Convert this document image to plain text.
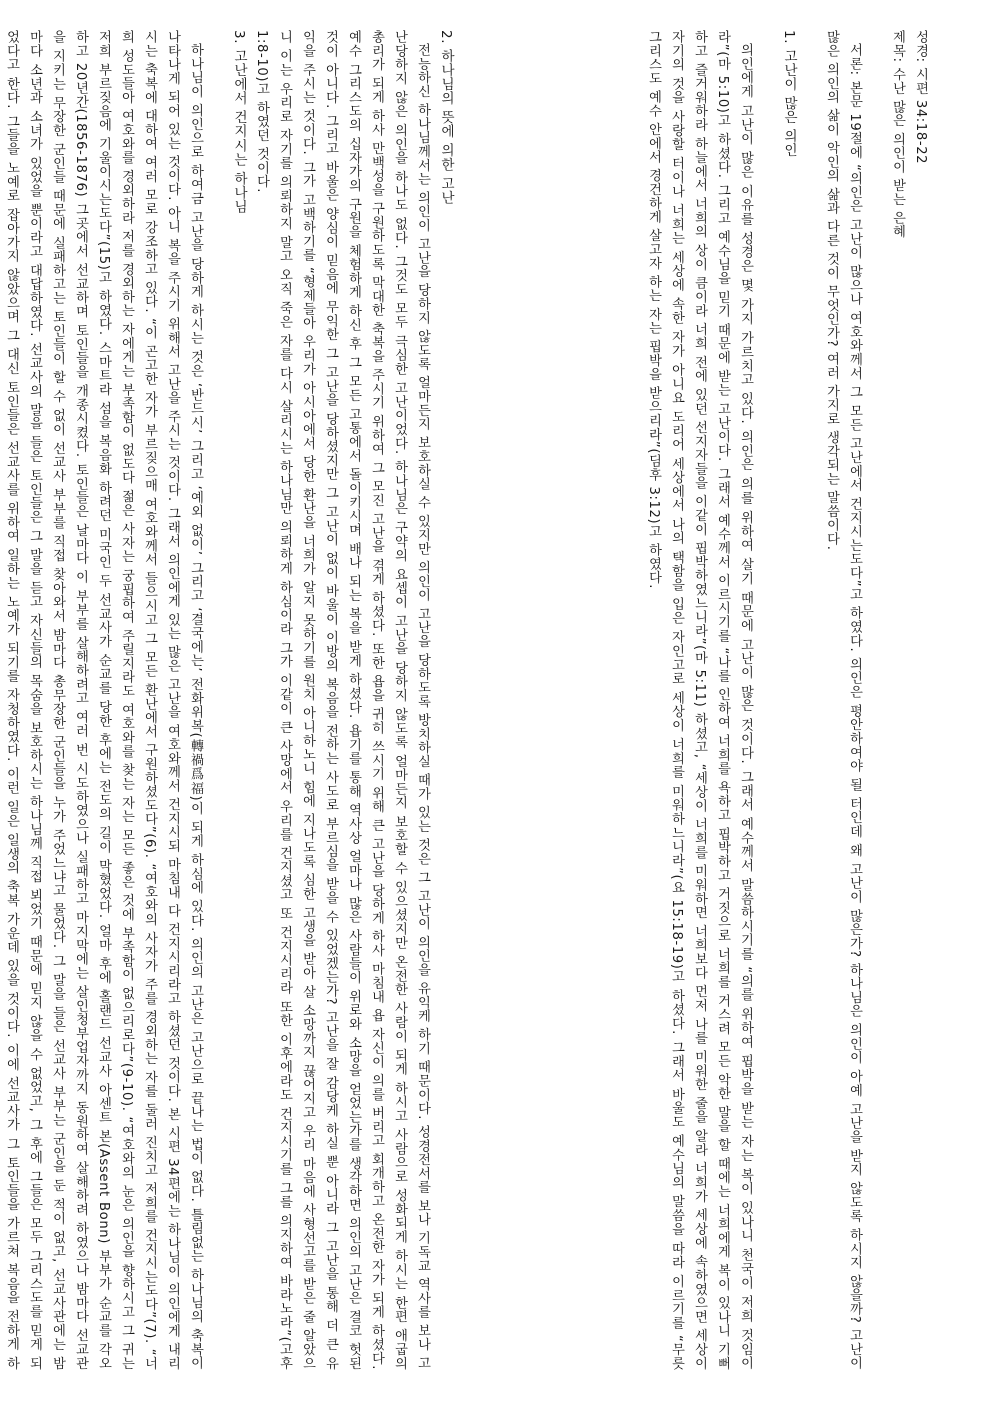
성경: 시편 34:18-22

제목: 수난 많은 의인이 받는 은혜

서론: 본문 19절에 “의인은 고난이 많으나 여호와께서 그 모든 고난에서 건지시는도다”고 하였다. 의인은 평안하여야 될 터인데 왜 고난이 많은가? 하나님은 의인이 아예 고난을 받지 않도록 하시지 않을까? 고난이 많은 의인의 삶이 악인의 삶과 다른 것이 무엇인가? 여러 가지로 생각되는 말씀이다.

1. 고난이 많은 의인

의인에게 고난이 많은 이유를 성경은 몇 가지 가르치고 있다. 의인은 의를 위하여 살기 때문에 고난이 많은 것이다. 그래서 예수께서 말씀하시기를 “의를 위하여 핍박을 받는 자는 복이 있나니 천국이 저희 것임이라”(마 5:10)고 하셨다. 그리고 예수님을 믿기 때문에 받는 고난이다. 그래서 예수께서 이르시기를 “나를 인하여 너희를 욕하고 핍박하고 거짓으로 너희를 거스려 모든 악한 말을 할 때에는 너희에게 복이 있나니 기뻐하고 즐거워하라 하늘에서 너희의 상이 큼이라 너희 전에 있던 선지자들을 이같이 핍박하였느니라”(마 5:11) 하셨고, “세상이 너희를 미워하면 너희보다 먼저 나를 미워한 줄을 알라 너희가 세상에 속하였으면 세상이 자기의 것을 사랑할 터이나 너희는 세상에 속한 자가 아니요 도리어 세상에서 나의 택함을 입은 자인고로 세상이 너희를 미워하느니라”(요 15:18-19)고 하셨다. 그래서 바울도 예수님의 말씀을 따라 이르기를 “무릇 그리스도 예수 안에서 경건하게 살고자 하는 자는 핍박을 받으리라”(딤후 3:12)고 하였다.

2. 하나님의 뜻에 의한 고난

전능하신 하나님께서는 의인이 고난을 당하지 않도록 얼마든지 보호하실 수 있지만 의인이 고난을 당하도록 방치하실 때가 있는 것은 그 고난이 의인을 유익케 하기 때문이다. 성경전서를 보나 기독교 역사를 보나 고난당하지 않은 의인을 하나도 없다. 그것도 모두 극심한 고난이었다. 하나님은 구약의 요셉이 고난을 당하지 않도록 얼마든지 보호할 수 있으셨지만 온전한 사람이 되게 하시고 사람으로 성화되게 하시는 한편 애굽의 총리가 되게 하사 만백성을 구원하도록 막대한 축복을 주시기 위하여 그 모진 고난을 겪게 하셨다. 또한 욥을 귀히 쓰시기 위해 큰 고난을 당하게 하사 마침내 욥 자신이 의를 버리고 회개하고 온전한 자가 되게 하셨다. 예수 그리스도의 십자가의 구원을 체험하게 하신 후 그 모든 고통에서 돌이키시며 배나 되는 복을 받게 하셨다. 욥기를 통해 역사상 얼마나 많은 사람들이 위로와 소망을 얻었는가를 생각하면 의인의 고난은 결코 헛된 것이 아니다. 그리고 바울은 양심이 믿음에 무익한 그 고난을 당하셨지만 그 고난이 없이 바울이 이방의 복음을 전하는 사도로 부르심을 받을 수 있었겠는가? 고난을 잘 감당케 하실 뿐 아니라 그 고난을 통해 더 큰 유익을 주시는 것이다. 그가 고백하기를 “형제들아 우리가 아시아에서 당한 환난을 너희가 알지 못하기를 원치 아니하노니 힘에 지나도록 심한 고생을 받아 살 소망까지 끊어지고 우리 마음에 사형선고를 받은 줄 알았으니 이는 우리로 자기를 의뢰하지 말고 오직 죽은 자를 다시 살리시는 하나님만 의뢰하게 하심이라 그가 이같이 큰 사망에서 우리를 건지셨고 또 건지시리라 또한 이후에라도 건지시기를 그를 의지하여 바라노라”(고후 1:8-10)고 하였던 것이다.

3. 고난에서 건지시는 하나님

하나님이 의인으로 하여금 고난을 당하게 하시는 것은 ‘반드시’ 그리고 ‘예외 없이’ 그리고 ‘결국에는’ 전화위복(轉禍爲福)이 되게 하심에 있다. 의인의 고난은 고난으로 끝나는 법이 없다. 틀림없는 하나님의 축복이 나타나게 되어 있는 것이다. 아니 복을 주시기 위해서 고난을 주시는 것이다. 그래서 의인에게 있는 많은 고난을 여호와께서 건지시되 마침내 다 건지시리라고 하셨던 것이다. 본 시편 34편에는 하나님이 의인에게 내리시는 축복에 대하여 여러 모로 강조하고 있다. “이 곤고한 자가 부르짖으매 여호와께서 들으시고 그 모든 환난에서 구원하셨도다”(6). “여호와의 사자가 주를 경외하는 자를 둘러 진치고 저희를 건지시는도다”(7). “너희 성도들아 여호와를 경외하라 저를 경외하는 자에게는 부족함이 없도다 젊은 사자는 궁핍하여 주릴지라도 여호와를 찾는 자는 모든 좋은 것에 부족함이 없으리로다”(9-10). “여호와의 눈은 의인을 향하시고 그 귀는 저희 부르짖음에 기울이시는도다”(15)고 하였다. 스마트라 섬을 복음화 하려던 미국인 두 선교사가 순교를 당한 후에는 전도의 길이 막혔었다. 얼마 후에 홀랜드 선교사 아센트 본(Assent Bonn) 부부가 순교를 각오하고 20년간(1856-1876) 그곳에서 선교하며 토인들을 개종시켰다. 토인들은 날마다 이 부부를 살해하려고 여러 번 시도하였으나 실패하고 마지막에는 살인청부업자까지 동원하여 살해하려 하였으나 밤마다 선교관을 지키는 무장한 군인들 때문에 실패하고는 토인들이 할 수 없이 선교사 부부를 직접 찾아와서 밤마다 총무장한 군인들을 누가 주었느냐고 물었다. 그 말을 들은 선교사 부부는 군인을 둔 적이 없고, 선교사관에는 밤마다 소년과 소녀가 있었을 뿐이라고 대답하였다. 선교사의 말을 들은 토인들은 그 말을 듣고 자신들의 목숨을 보호하시는 하나님께 직접 뵈었기 때문에 믿지 않을 수 없었고, 그 후에 그들은 모두 그리스도를 믿게 되었다고 한다. 그들을 노예로 잡아가지 않았으며 그 대신 토인들은 선교사를 위하여 일하는 노예가 되기를 자청하였다. 이런 일은 일생의 축복 가운데 있을 것이다. 이에 선교사가 그 토인들을 가르쳐 복음을 전하게 하
